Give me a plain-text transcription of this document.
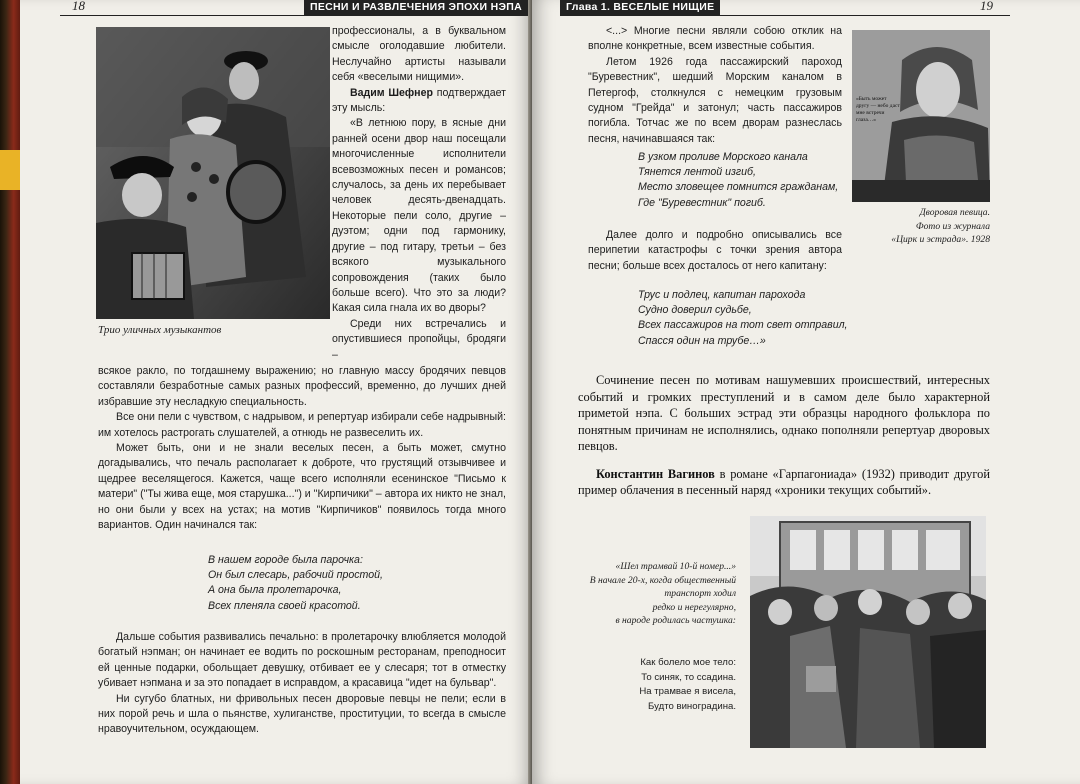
18	ПЕСНИ И РАЗВЛЕЧЕНИЯ ЭПОХИ НЭПА
Трио уличных музыкантов

профессионалы, а в буквальном смысле оголодавшие любители. Неслучайно артисты называли себя «веселыми нищими».

Вадим Шефнер подтверждает эту мысль:

«В летнюю пору, в ясные дни ранней осени двор наш посещали многочисленные исполнители всевозможных песен и романсов; случалось, за день их перебывает человек десять-двенадцать. Некоторые пели соло, другие – дуэтом; одни под гармонику, другие – под гитару, третьи – без всякого музыкального сопровождения (таких было больше всего). Что это за люди? Какая сила гнала их во дворы?

Среди них встречались и опустившиеся пропойцы, бродяги –

всякое ракло, по тогдашнему выражению; но главную массу бродячих певцов составляли безработные самых разных профессий, временно, до лучших дней избравшие эту несладкую специальность.

Все они пели с чувством, с надрывом, и репертуар избирали себе надрывный: им хотелось растрогать слушателей, а отнюдь не развеселить их.

Может быть, они и не знали веселых песен, а быть может, смутно догадывались, что печаль располагает к доброте, что грустящий отзывчивее и щедрее веселящегося. Кажется, чаще всего исполняли есенинское "Письмо к матери" ("Ты жива еще, моя старушка...") и "Кирпичики" – автора их никто не знал, но они были у всех на устах; на мотив "Кирпичиков" появилось тогда много вариантов. Один начинался так:

В нашем городе была парочка:
Он был слесарь, рабочий простой,
А она была пролетарочка,
Всех пленяла своей красотой.

Дальше события развивались печально: в пролетарочку влюбляется молодой богатый нэпман; он начинает ее водить по роскошным ресторанам, преподносит ей ценные подарки, обольщает девушку, отбивает ее у слесаря; тот в отместку убивает нэпмана и за это попадает в исправдом, а красавица "идет на бульвар".

Ни сугубо блатных, ни фривольных песен дворовые певцы не пели; если в них порой речь и шла о пьянстве, хулиганстве, проституции, то всегда в смысле нравоучительном, осуждающем.

Глава 1. ВЕСЕЛЫЕ НИЩИЕ	19

<...> Многие песни являли собою отклик на вполне конкретные, всем известные события.

Летом 1926 года пассажирский пароход "Буревестник", шедший Морским каналом в Петергоф, столкнулся с немецким грузовым судном "Грейда" и затонул; часть пассажиров погибла. Тотчас же по всем дворам разнеслась песня, начинавшаяся так:

В узком проливе Морского канала
Тянется лентой изгиб,
Место зловещее помнится гражданам,
Где "Буревестник" погиб.

Далее долго и подробно описывались все перипетии катастрофы с точки зрения автора песни; больше всех досталось от него капитану:

Трус и подлец, капитан парохода
Судно доверил судьбе,
Всех пассажиров на тот свет отправил,
Спасся один на трубе…»
«Быть может другу — небо даст мне встречи глаза…»
Дворовая певица.
Фото из журнала
«Цирк и эстрада». 1928

Сочинение песен по мотивам нашумевших происшествий, интересных событий и громких преступлений и в самом деле было характерной приметой нэпа. С больших эстрад эти образцы народного фольклора по понятным причинам не исполнялись, однако пополняли репертуар дворовых певцов.

Константин Вагинов в романе «Гарпагониада» (1932) приводит другой пример облачения в песенный наряд «хроники текущих событий».

«Шел трамвай 10-й номер...»
В начале 20-х, когда общественный
транспорт ходил
редко и нерегулярно,
в народе родилась частушка:
Как болело мое тело:
То синяк, то ссадина.
На трамвае я висела,
Будто виноградина.
